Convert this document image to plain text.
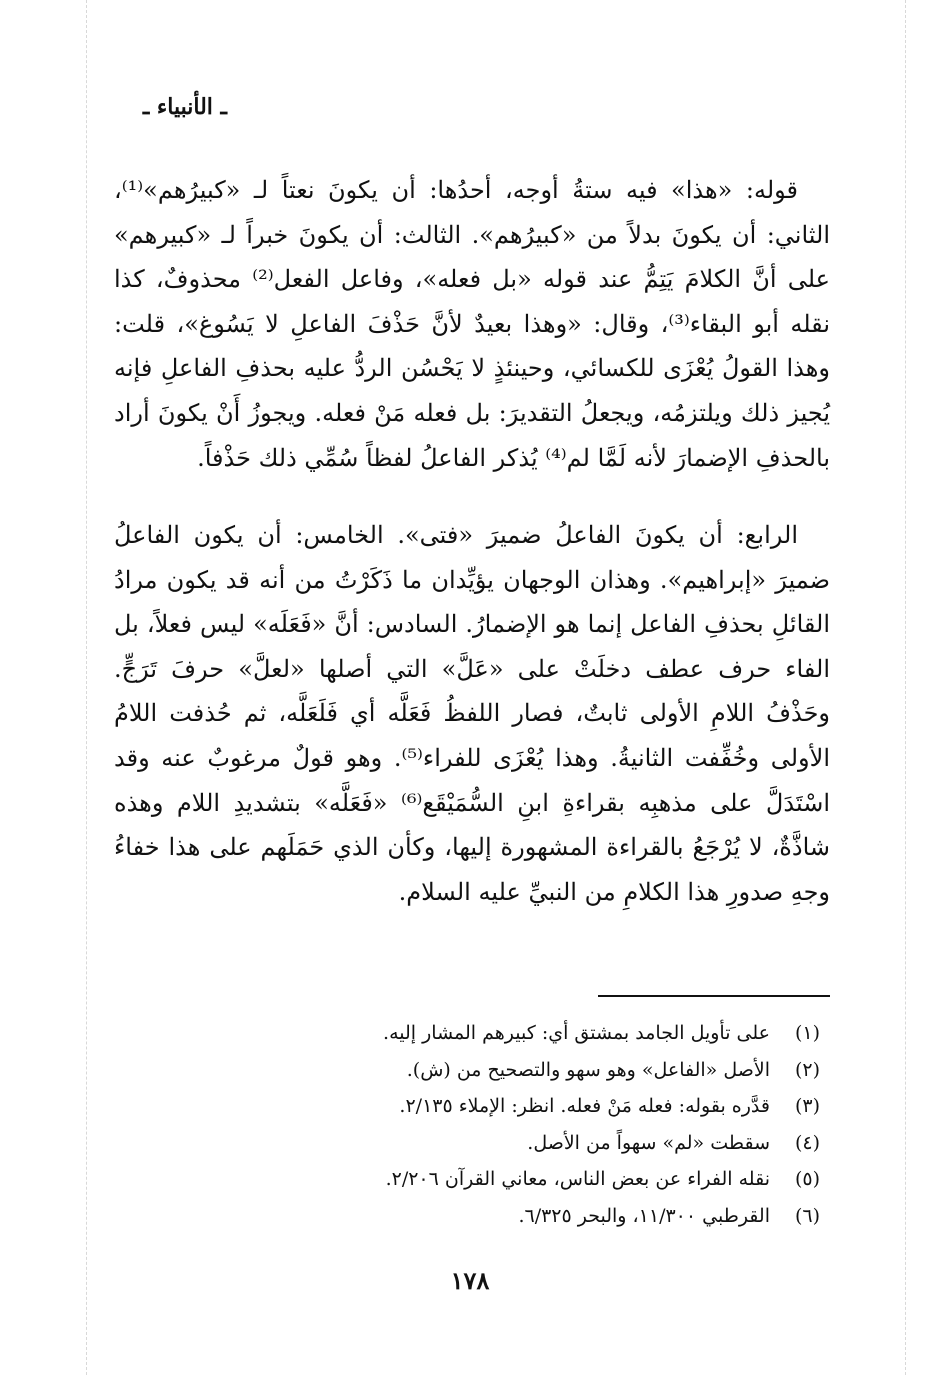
ـ الأنبياء ـ

قوله: «هذا» فيه ستةُ أوجه، أحدُها: أن يكونَ نعتاً لـ «كبيرُهم»⁽¹⁾، الثاني: أن يكونَ بدلاً من «كبيرُهم». الثالث: أن يكونَ خبراً لـ «كبيرهم» على أنَّ الكلامَ يَتِمُّ عند قوله «بل فعله»، وفاعل الفعل⁽²⁾ محذوفٌ، كذا نقله أبو البقاء⁽³⁾، وقال: «وهذا بعيدٌ لأنَّ حَذْفَ الفاعلِ لا يَسُوغ»، قلت: وهذا القولُ يُعْزَى للكسائي، وحينئذٍ لا يَحْسُن الردُّ عليه بحذفِ الفاعلِ فإنه يُجيز ذلك ويلتزمُه، ويجعلُ التقديرَ: بل فعله مَنْ فعله. ويجوزُ أَنْ يكونَ أراد بالحذفِ الإضمارَ لأنه لَمَّا لم⁽⁴⁾ يُذكر الفاعلُ لفظاً سُمِّي ذلك حَذْفاً.

الرابع: أن يكونَ الفاعلُ ضميرَ «فتى». الخامس: أن يكون الفاعلُ ضميرَ «إبراهيم». وهذان الوجهان يؤيِّدان ما ذَكَرْتُ من أنه قد يكون مرادُ القائلِ بحذفِ الفاعل إنما هو الإضمارُ. السادس: أنَّ «فَعَلَه» ليس فعلاً، بل الفاء حرف عطف دخلَتْ على «عَلَّ» التي أصلها «لعلَّ» حرفَ تَرَجٍّ. وحَذْفُ اللامِ الأولى ثابتٌ، فصار اللفظُ فَعَلَّه أي فَلَعَلَّه، ثم حُذفت اللامُ الأولى وخُفِّفت الثانيةُ. وهذا يُعْزَى للفراء⁽⁵⁾. وهو قولٌ مرغوبٌ عنه وقد اسْتَدَلَّ على مذهبِه بقراءةِ ابنِ السُّمَيْقَع⁽⁶⁾ «فَعَلَّه» بتشديدِ اللام وهذه شاذَّةٌ، لا يُرْجَعُ بالقراءة المشهورة إليها، وكأن الذي حَمَلَهم على هذا خفاءُ وجهِ صدورِ هذا الكلامِ من النبيِّ عليه السلام.

(١)
على تأويل الجامد بمشتق أي: كبيرهم المشار إليه.
(٢)
الأصل «الفاعل» وهو سهو والتصحيح من (ش).
(٣)
قدَّره بقوله: فعله مَنْ فعله. انظر: الإملاء ٢/١٣٥.
(٤)
سقطت «لم» سهواً من الأصل.
(٥)
نقله الفراء عن بعض الناس، معاني القرآن ٢/٢٠٦.
(٦)
القرطبي ١١/٣٠٠، والبحر ٦/٣٢٥.
١٧٨
